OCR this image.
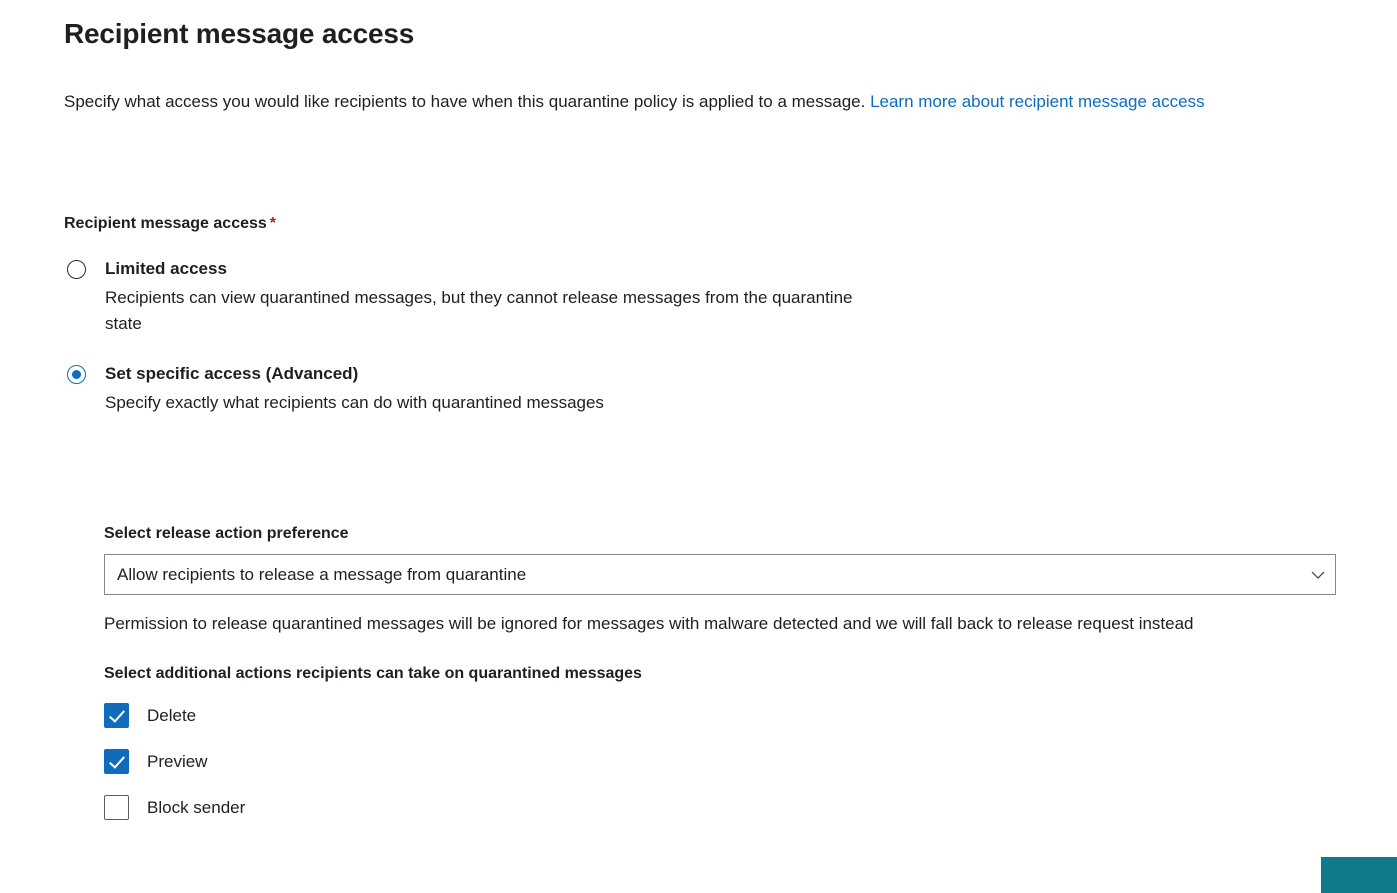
Recipient message access
Specify what access you would like recipients to have when this quarantine policy is applied to a message. Learn more about recipient message access
Recipient message access *
Limited access
Recipients can view quarantined messages, but they cannot release messages from the quarantine state
Set specific access (Advanced)
Specify exactly what recipients can do with quarantined messages
Select release action preference
Allow recipients to release a message from quarantine
Permission to release quarantined messages will be ignored for messages with malware detected and we will fall back to release request instead
Select additional actions recipients can take on quarantined messages
Delete
Preview
Block sender
